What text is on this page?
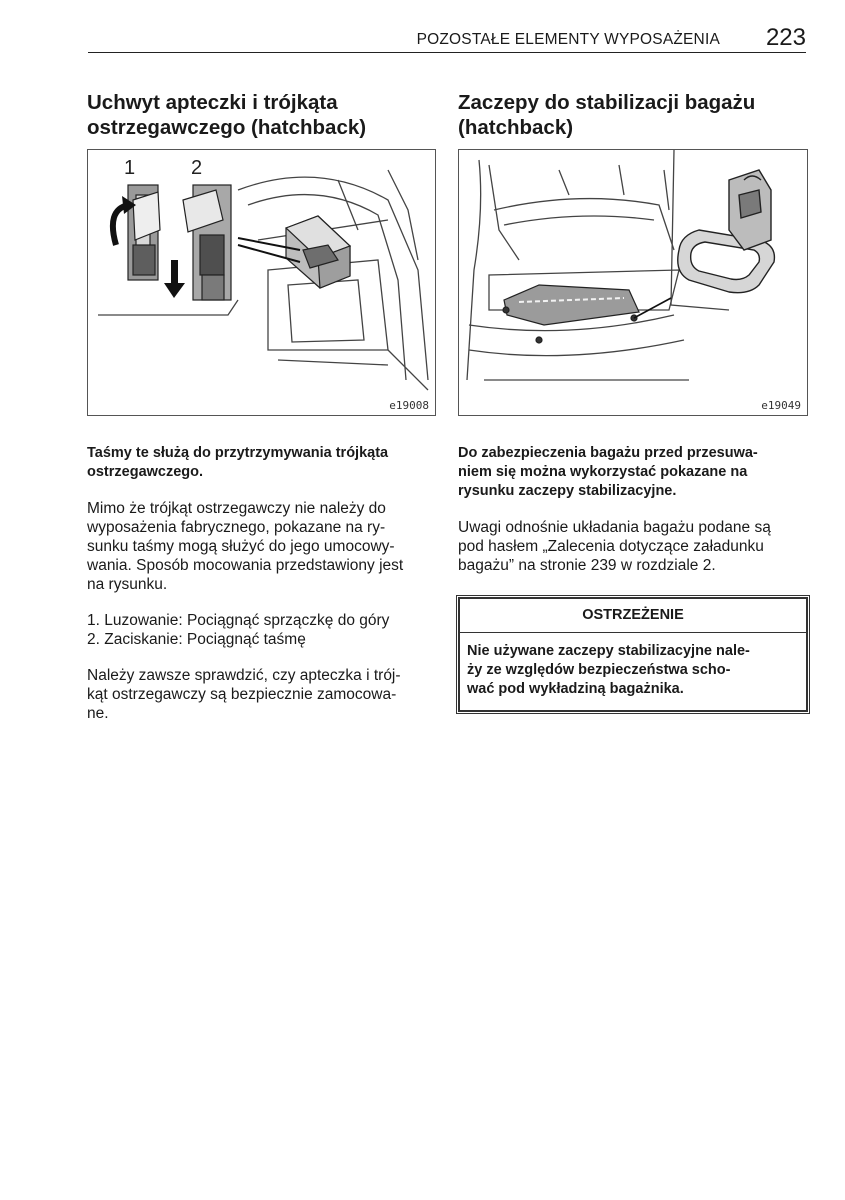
POZOSTAŁE ELEMENTY WYPOSAŻENIA 223
Uchwyt apteczki i trójkąta
ostrzegawczego (hatchback)
1	2
e19008
Taśmy te służą do przytrzymywania trójkąta
ostrzegawczego.

Mimo że trójkąt ostrzegawczy nie należy do
wyposażenia fabrycznego, pokazane na ry-
sunku taśmy mogą służyć do jego umocowy-
wania. Sposób mocowania przedstawiony jest
na rysunku.

1. Luzowanie: Pociągnąć sprzączkę do góry
2. Zaciskanie: Pociągnąć taśmę

Należy zawsze sprawdzić, czy apteczka i trój-
kąt ostrzegawczy są bezpiecznie zamocowa-
ne.

Zaczepy do stabilizacji bagażu
(hatchback)
e19049
Do zabezpieczenia bagażu przed przesuwa-
niem się można wykorzystać pokazane na
rysunku zaczepy stabilizacyjne.

Uwagi odnośnie układania bagażu podane są
pod hasłem „Zalecenia dotyczące załadunku
bagażu” na stronie 239 w rozdziale 2.

OSTRZEŻENIE
Nie używane zaczepy stabilizacyjne nale-
ży ze względów bezpieczeństwa scho-
wać pod wykładziną bagażnika.
